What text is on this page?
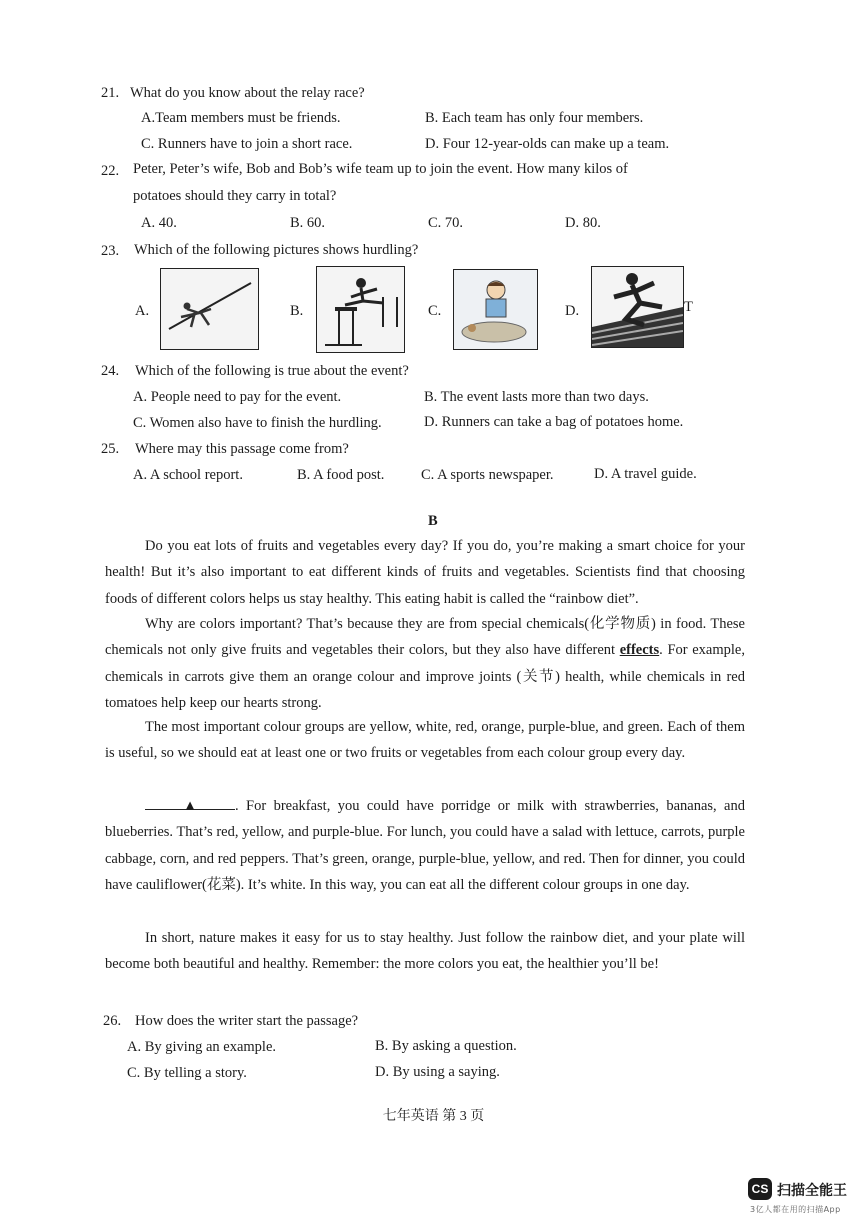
21. What do you know about the relay race?
A.Team members must be friends.	B. Each team has only four members.
C. Runners have to join a short race.	D. Four 12-year-olds can make up a team.
22. Peter, Peter’s wife, Bob and Bob’s wife team up to join the event. How many kilos of
potatoes should they carry in total?
A. 40.	B. 60.	C. 70.	D. 80.
23. Which of the following pictures shows hurdling?
A.	B.	C.	D.	T
24. Which of the following is true about the event?
A. People need to pay for the event.	B. The event lasts more than two days.
C. Women also have to finish the hurdling.	D. Runners can take a bag of potatoes home.
25. Where may this passage come from?
A. A school report.	B. A food post.	C. A sports newspaper.	D. A travel guide.
B
Do you eat lots of fruits and vegetables every day? If you do, you’re making a smart choice for your health! But it’s also important to eat different kinds of fruits and vegetables. Scientists find that choosing foods of different colors helps us stay healthy. This eating habit is called the “rainbow diet”.
Why are colors important? That’s because they are from special chemicals(化学物质) in food. These chemicals not only give fruits and vegetables their colors, but they also have different effects. For example, chemicals in carrots give them an orange colour and improve joints (关节) health, while chemicals in red tomatoes help keep our hearts strong.
The most important colour groups are yellow, white, red, orange, purple-blue, and green. Each of them is useful, so we should eat at least one or two fruits or vegetables from each colour group every day.
▲	. For breakfast, you could have porridge or milk with strawberries, bananas, and blueberries. That’s red, yellow, and purple-blue. For lunch, you could have a salad with lettuce, carrots, purple cabbage, corn, and red peppers. That’s green, orange, purple-blue, yellow, and red. Then for dinner, you could have cauliflower(花菜). It’s white. In this way, you can eat all the different colour groups in one day.
In short, nature makes it easy for us to stay healthy. Just follow the rainbow diet, and your plate will become both beautiful and healthy. Remember: the more colors you eat, the healthier you’ll be!
26. How does the writer start the passage?
A. By giving an example.	B. By asking a question.
C. By telling a story.	D. By using a saying.
七年英语 第 3 页
CS 扫描全能王
3亿人都在用的扫描App
